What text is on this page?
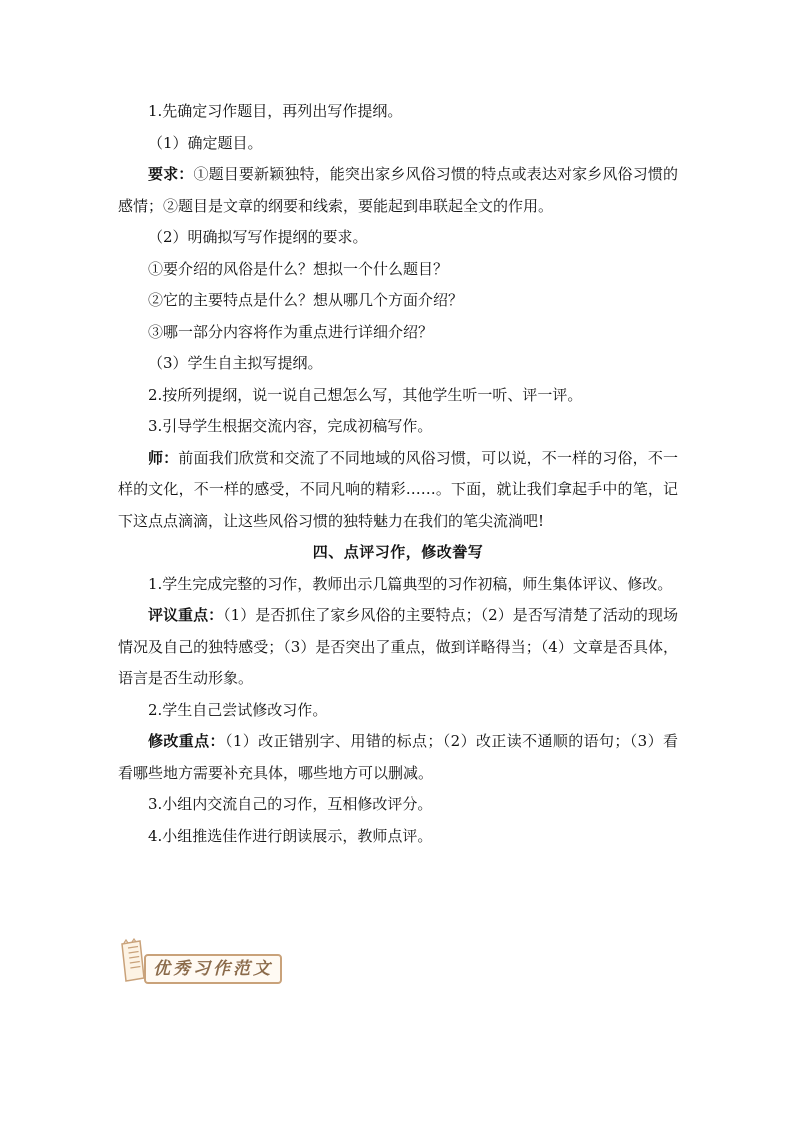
1.先确定习作题目，再列出写作提纲。

（1）确定题目。

要求：①题目要新颖独特，能突出家乡风俗习惯的特点或表达对家乡风俗习惯的感情；②题目是文章的纲要和线索，要能起到串联起全文的作用。

（2）明确拟写写作提纲的要求。

①要介绍的风俗是什么？想拟一个什么题目？

②它的主要特点是什么？想从哪几个方面介绍？

③哪一部分内容将作为重点进行详细介绍？

（3）学生自主拟写提纲。

2.按所列提纲，说一说自己想怎么写，其他学生听一听、评一评。

3.引导学生根据交流内容，完成初稿写作。

师：前面我们欣赏和交流了不同地域的风俗习惯，可以说，不一样的习俗，不一样的文化，不一样的感受，不同凡响的精彩……。下面，就让我们拿起手中的笔，记下这点点滴滴，让这些风俗习惯的独特魅力在我们的笔尖流淌吧!

四、点评习作，修改誊写

1.学生完成完整的习作，教师出示几篇典型的习作初稿，师生集体评议、修改。

评议重点：（1）是否抓住了家乡风俗的主要特点；（2）是否写清楚了活动的现场情况及自己的独特感受；（3）是否突出了重点，做到详略得当；（4）文章是否具体，语言是否生动形象。

2.学生自己尝试修改习作。

修改重点：（1）改正错别字、用错的标点；（2）改正读不通顺的语句；（3）看看哪些地方需要补充具体，哪些地方可以删减。

3.小组内交流自己的习作，互相修改评分。

4.小组推选佳作进行朗读展示，教师点评。

优秀习作范文
